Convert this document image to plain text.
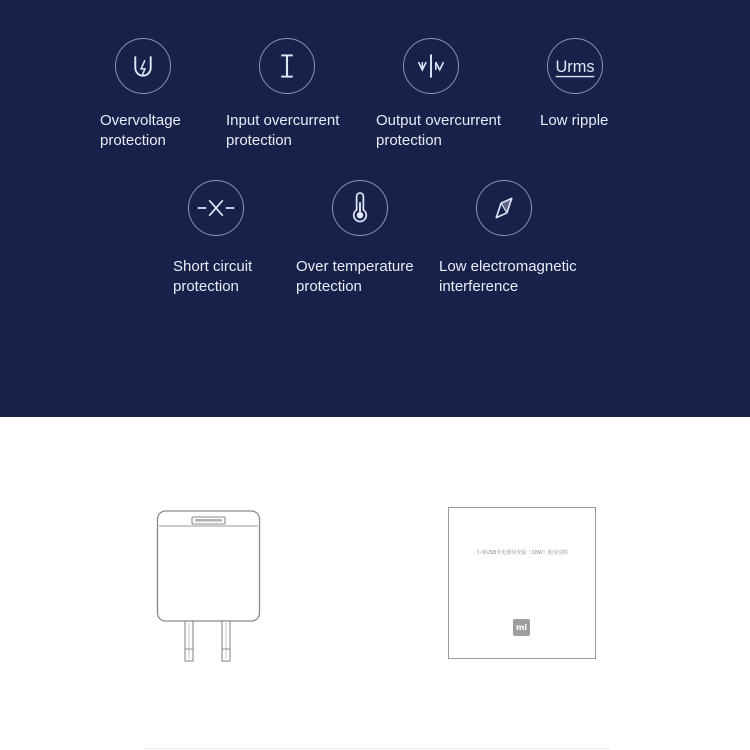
Overvoltage
protection
Input overcurrent
protection
Output overcurrent
protection
Urms
Low ripple
Short circuit
protection
Over temperature
protection
Low electromagnetic
interference
小米USB充电器快充版（18W）使用说明
mi
